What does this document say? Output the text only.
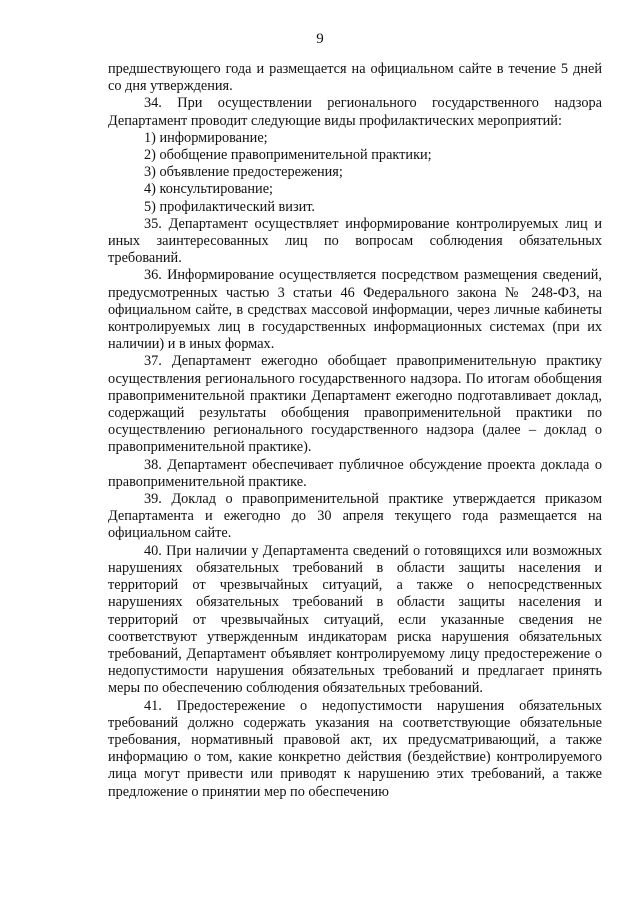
9

предшествующего года и размещается на официальном сайте в течение 5 дней со дня утверждения.

34. При осуществлении регионального государственного надзора Департамент проводит следующие виды профилактических мероприятий:

1) информирование;

2) обобщение правоприменительной практики;

3) объявление предостережения;

4) консультирование;

5) профилактический визит.

35. Департамент осуществляет информирование контролируемых лиц и иных заинтересованных лиц по вопросам соблюдения обязательных требований.

36. Информирование осуществляется посредством размещения сведений, предусмотренных частью 3 статьи 46 Федерального закона № 248-ФЗ, на официальном сайте, в средствах массовой информации, через личные кабинеты контролируемых лиц в государственных информационных системах (при их наличии) и в иных формах.

37. Департамент ежегодно обобщает правоприменительную практику осуществления регионального государственного надзора. По итогам обобщения правоприменительной практики Департамент ежегодно подготавливает доклад, содержащий результаты обобщения правоприменительной практики по осуществлению регионального государственного надзора (далее – доклад о правоприменительной практике).

38. Департамент обеспечивает публичное обсуждение проекта доклада о правоприменительной практике.

39. Доклад о правоприменительной практике утверждается приказом Департамента и ежегодно до 30 апреля текущего года размещается на официальном сайте.

40. При наличии у Департамента сведений о готовящихся или возможных нарушениях обязательных требований в области защиты населения и территорий от чрезвычайных ситуаций, а также о непосредственных нарушениях обязательных требований в области защиты населения и территорий от чрезвычайных ситуаций, если указанные сведения не соответствуют утвержденным индикаторам риска нарушения обязательных требований, Департамент объявляет контролируемому лицу предостережение о недопустимости нарушения обязательных требований и предлагает принять меры по обеспечению соблюдения обязательных требований.

41. Предостережение о недопустимости нарушения обязательных требований должно содержать указания на соответствующие обязательные требования, нормативный правовой акт, их предусматривающий, а также информацию о том, какие конкретно действия (бездействие) контролируемого лица могут привести или приводят к нарушению этих требований, а также предложение о принятии мер по обеспечению
